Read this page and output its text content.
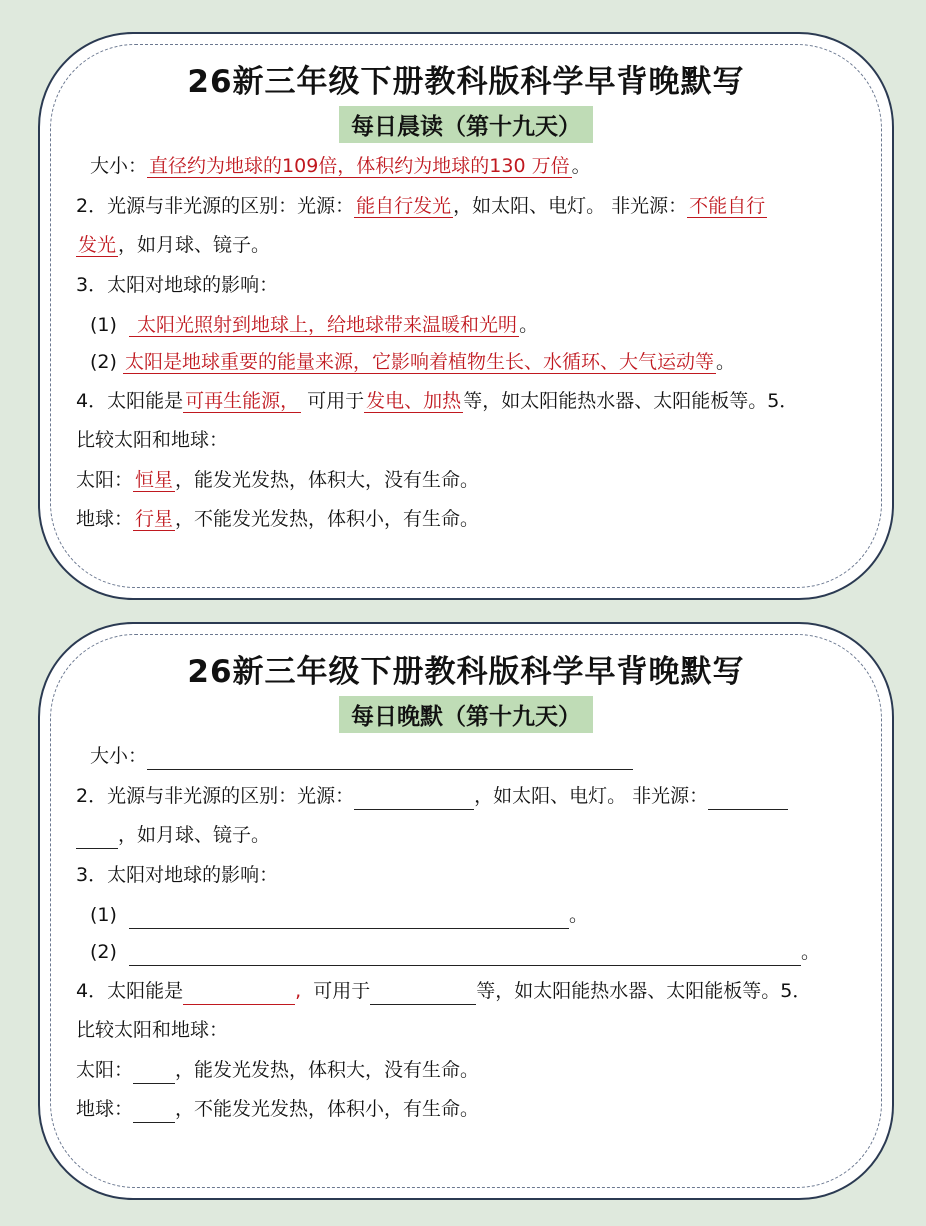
26新三年级下册教科版科学早背晚默写
每日晨读（第十九天）
大小： 直径约为地球的109倍，体积约为地球的130 万倍 。
2．光源与非光源的区别：光源： 能自行发光 ，如太阳、电灯。 非光源： 不能自行
发光 ，如月球、镜子。
3．太阳对地球的影响：
(1)   太阳光照射到地球上，给地球带来温暖和光明 。
(2) 太阳是地球重要的能量来源，它影响着植物生长、水循环、大气运动等 。
4．太阳能是 可再生能源， 可用于 发电、加热 等，如太阳能热水器、太阳能板等。5．
比较太阳和地球：
太阳： 恒星 ，能发光发热，体积大，没有生命。
地球： 行星 ，不能发光发热，体积小，有生命。
26新三年级下册教科版科学早背晚默写
每日晚默（第十九天）
大小：
2．光源与非光源的区别：光源：	，如太阳、电灯。 非光源：
，如月球、镜子。
3．太阳对地球的影响：
(1)	。
(2)	。
4．太阳能是	, 可用于	等，如太阳能热水器、太阳能板等。5．
比较太阳和地球：
太阳： ，能发光发热，体积大，没有生命。
地球： ，不能发光发热，体积小，有生命。
